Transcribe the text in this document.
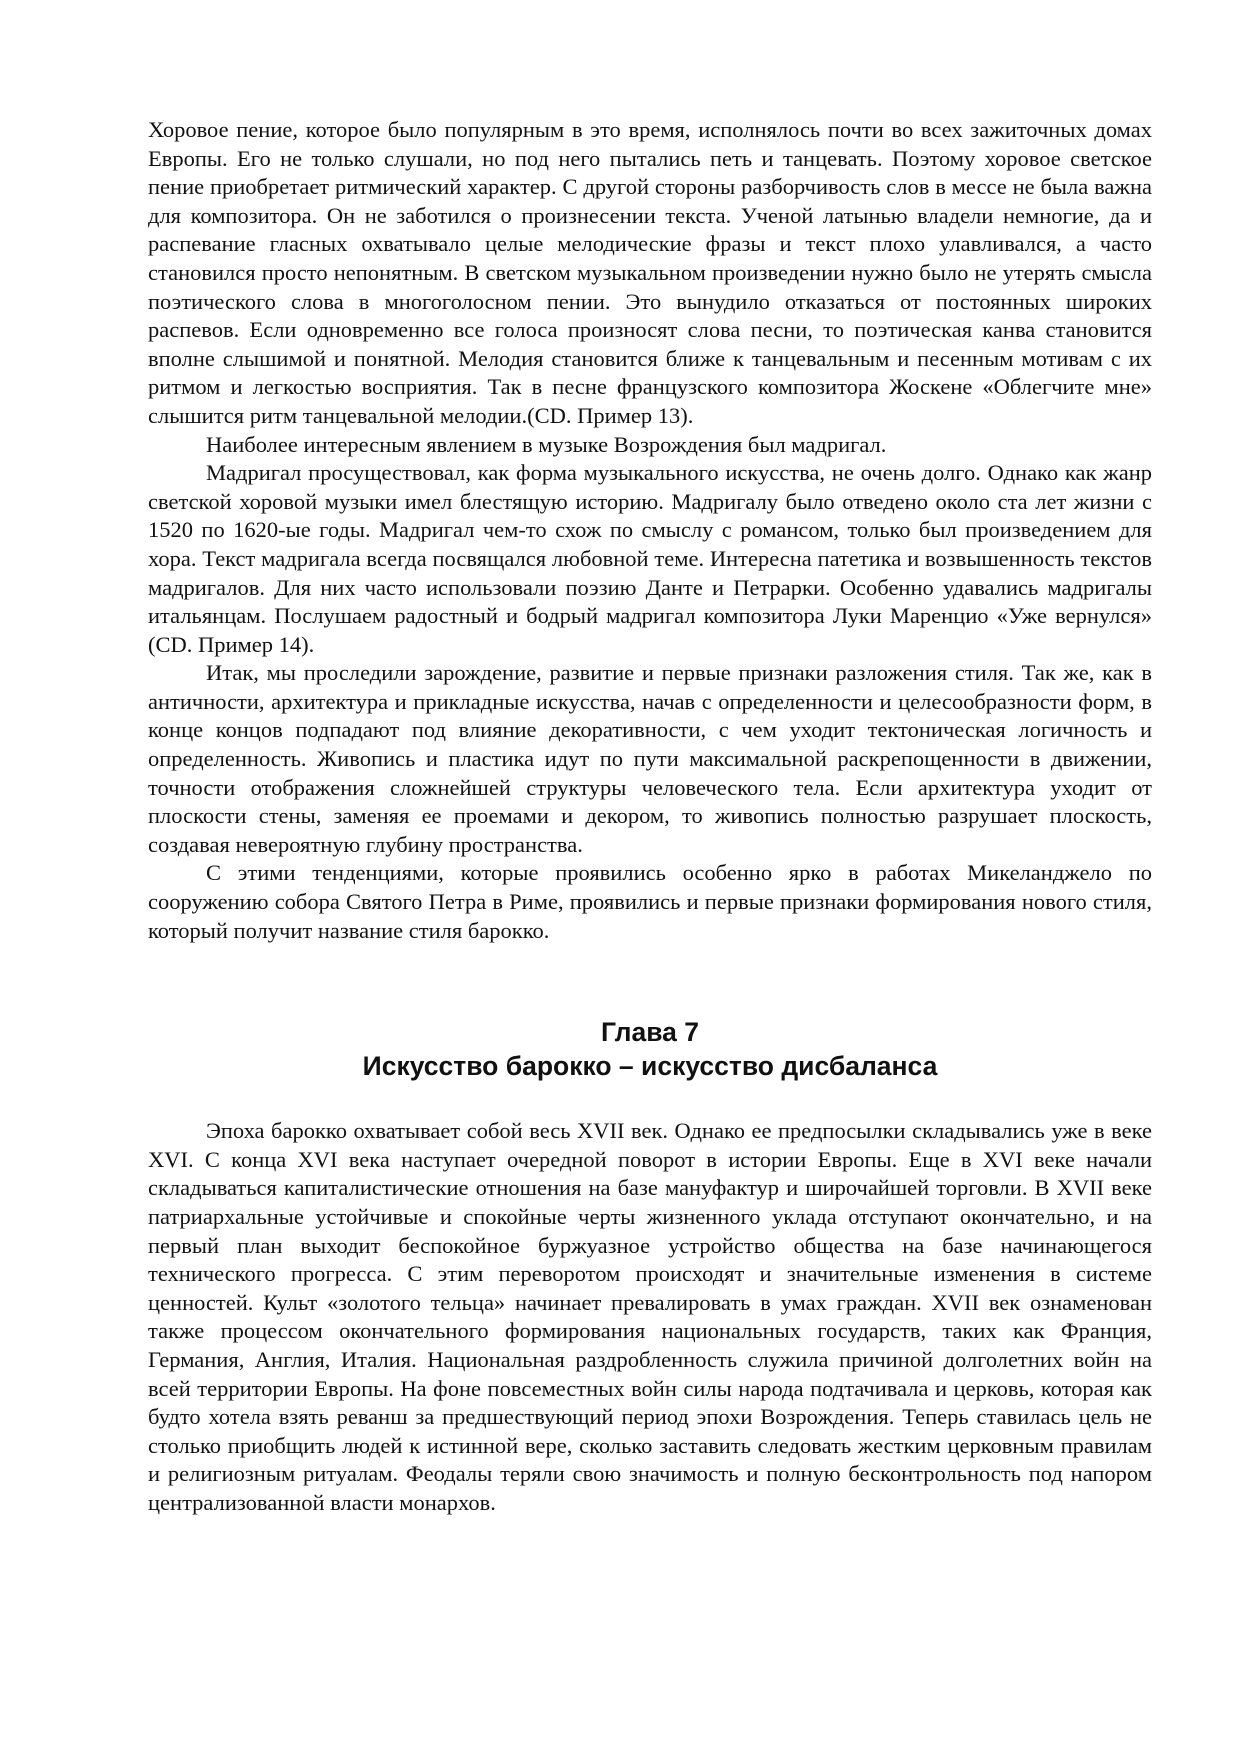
Хоровое пение, которое было популярным в это время, исполнялось почти во всех зажиточных домах Европы. Его не только слушали, но под него пытались петь и танцевать. Поэтому хоровое светское пение приобретает ритмический характер. С другой стороны разборчивость слов в мессе не была важна для композитора. Он не заботился о произнесении текста. Ученой латынью владели немногие, да и распевание гласных охватывало целые мелодические фразы и текст плохо улавливался, а часто становился просто непонятным. В светском музыкальном произведении нужно было не утерять смысла поэтического слова в многоголосном пении. Это вынудило отказаться от постоянных широких распевов. Если одновременно все голоса произносят слова песни, то поэтическая канва становится вполне слышимой и понятной. Мелодия становится ближе к танцевальным и песенным мотивам с их ритмом и легкостью восприятия. Так в песне французского композитора Жоскене «Облегчите мне» слышится ритм танцевальной мелодии.(CD. Пример 13).

Наиболее интересным явлением в музыке Возрождения был мадригал.

Мадригал просуществовал, как форма музыкального искусства, не очень долго. Однако как жанр светской хоровой музыки имел блестящую историю. Мадригалу было отведено около ста лет жизни с 1520 по 1620-ые годы. Мадригал чем-то схож по смыслу с романсом, только был произведением для хора. Текст мадригала всегда посвящался любовной теме. Интересна патетика и возвышенность текстов мадригалов. Для них часто использовали поэзию Данте и Петрарки. Особенно удавались мадригалы итальянцам. Послушаем радостный и бодрый мадригал композитора Луки Маренцио «Уже вернулся» (CD. Пример 14).

Итак, мы проследили зарождение, развитие и первые признаки разложения стиля. Так же, как в античности, архитектура и прикладные искусства, начав с определенности и целесообразности форм, в конце концов подпадают под влияние декоративности, с чем уходит тектоническая логичность и определенность. Живопись и пластика идут по пути максимальной раскрепощенности в движении, точности отображения сложнейшей структуры человеческого тела. Если архитектура уходит от плоскости стены, заменяя ее проемами и декором, то живопись полностью разрушает плоскость, создавая невероятную глубину пространства.

С этими тенденциями, которые проявились особенно ярко в работах Микеланджело по сооружению собора Святого Петра в Риме, проявились и первые признаки формирования нового стиля, который получит название стиля барокко.

Глава 7
Искусство барокко – искусство дисбаланса

Эпоха барокко охватывает собой весь XVII век. Однако ее предпосылки складывались уже в веке XVI. С конца XVI века наступает очередной поворот в истории Европы. Еще в XVI веке начали складываться капиталистические отношения на базе мануфактур и широчайшей торговли. В XVII веке патриархальные устойчивые и спокойные черты жизненного уклада отступают окончательно, и на первый план выходит беспокойное буржуазное устройство общества на базе начинающегося технического прогресса. С этим переворотом происходят и значительные изменения в системе ценностей. Культ «золотого тельца» начинает превалировать в умах граждан. XVII век ознаменован также процессом окончательного формирования национальных государств, таких как Франция, Германия, Англия, Италия. Национальная раздробленность служила причиной долголетних войн на всей территории Европы. На фоне повсеместных войн силы народа подтачивала и церковь, которая как будто хотела взять реванш за предшествующий период эпохи Возрождения. Теперь ставилась цель не столько приобщить людей к истинной вере, сколько заставить следовать жестким церковным правилам и религиозным ритуалам. Феодалы теряли свою значимость и полную бесконтрольность под напором централизованной власти монархов.
